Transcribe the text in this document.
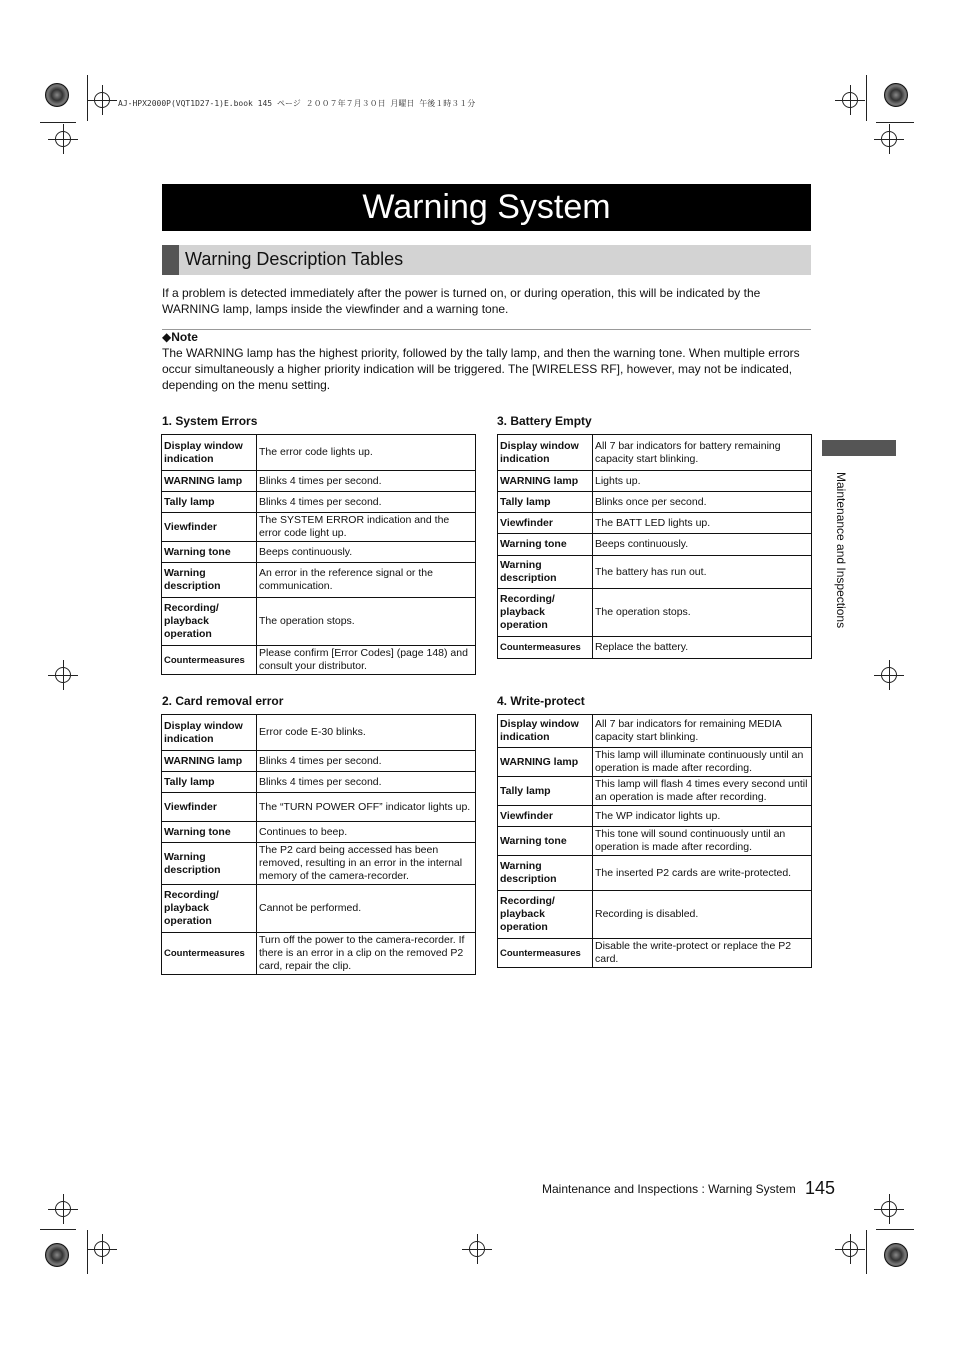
AJ-HPX2000P(VQT1D27-1)E.book 145 ページ ２００７年７月３０日 月曜日 午後１時３１分
Warning System
Warning Description Tables
If a problem is detected immediately after the power is turned on, or during operation, this will be indicated by the WARNING lamp, lamps inside the viewfinder and a warning tone.
◆Note
The WARNING lamp has the highest priority, followed by the tally lamp, and then the warning tone. When multiple errors occur simultaneously a higher priority indication will be triggered. The [WIRELESS RF], however, may not be indicated, depending on the menu setting.
1. System Errors
Display window indication	The error code lights up.
WARNING lamp	Blinks 4 times per second.
Tally lamp	Blinks 4 times per second.
Viewfinder	The SYSTEM ERROR indication and the error code light up.
Warning tone	Beeps continuously.
Warning description	An error in the reference signal or the communication.
Recording/ playback operation	The operation stops.
Countermeasures	Please confirm [Error Codes] (page 148) and consult your distributor.
2. Card removal error
Display window indication	Error code E-30 blinks.
WARNING lamp	Blinks 4 times per second.
Tally lamp	Blinks 4 times per second.
Viewfinder	The “TURN POWER OFF” indicator lights up.
Warning tone	Continues to beep.
Warning description	The P2 card being accessed has been removed, resulting in an error in the internal memory of the camera-recorder.
Recording/ playback operation	Cannot be performed.
Countermeasures	Turn off the power to the camera-recorder. If there is an error in a clip on the removed P2 card, repair the clip.
3. Battery Empty
Display window indication	All 7 bar indicators for battery remaining capacity start blinking.
WARNING lamp	Lights up.
Tally lamp	Blinks once per second.
Viewfinder	The BATT LED lights up.
Warning tone	Beeps continuously.
Warning description	The battery has run out.
Recording/ playback operation	The operation stops.
Countermeasures	Replace the battery.
4. Write-protect
Display window indication	All 7 bar indicators for remaining MEDIA capacity start blinking.
WARNING lamp	This lamp will illuminate continuously until an operation is made after recording.
Tally lamp	This lamp will flash 4 times every second until an operation is made after recording.
Viewfinder	The WP indicator lights up.
Warning tone	This tone will sound continuously until an operation is made after recording.
Warning description	The inserted P2 cards are write-protected.
Recording/ playback operation	Recording is disabled.
Countermeasures	Disable the write-protect or replace the P2 card.
Maintenance and Inspections
Maintenance and Inspections : Warning System 145
